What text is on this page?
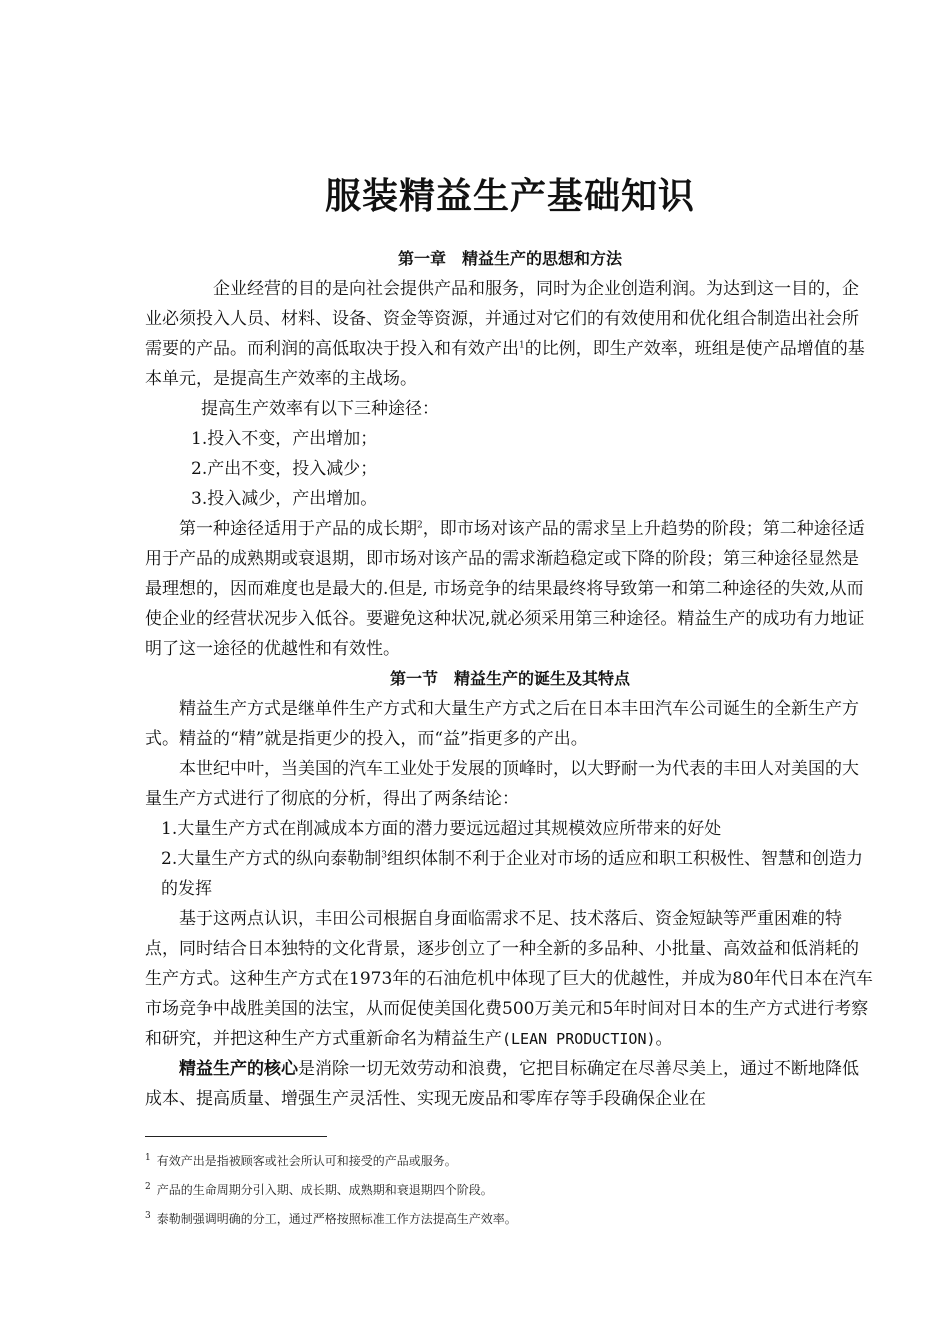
服装精益生产基础知识

第一章　精益生产的思想和方法

企业经营的目的是向社会提供产品和服务，同时为企业创造利润。为达到这一目的，企业必须投入人员、材料、设备、资金等资源，并通过对它们的有效使用和优化组合制造出社会所需要的产品。而利润的高低取决于投入和有效产出$^1$的比例，即生产效率，班组是使产品增值的基本单元，是提高生产效率的主战场。

提高生产效率有以下三种途径：

1.投入不变，产出增加；

2.产出不变，投入减少；

3.投入减少，产出增加。

第一种途径适用于产品的成长期$^2$，即市场对该产品的需求呈上升趋势的阶段；第二种途径适用于产品的成熟期或衰退期，即市场对该产品的需求渐趋稳定或下降的阶段；第三种途径显然是最理想的，因而难度也是最大的.但是, 市场竞争的结果最终将导致第一和第二种途径的失效,从而使企业的经营状况步入低谷。要避免这种状况,就必须采用第三种途径。精益生产的成功有力地证明了这一途径的优越性和有效性。

第一节　精益生产的诞生及其特点

精益生产方式是继单件生产方式和大量生产方式之后在日本丰田汽车公司诞生的全新生产方式。精益的“精”就是指更少的投入，而“益”指更多的产出。

本世纪中叶，当美国的汽车工业处于发展的顶峰时，以大野耐一为代表的丰田人对美国的大量生产方式进行了彻底的分析，得出了两条结论：

1.大量生产方式在削减成本方面的潜力要远远超过其规模效应所带来的好处

2.大量生产方式的纵向泰勒制$^3$组织体制不利于企业对市场的适应和职工积极性、智慧和创造力的发挥

基于这两点认识，丰田公司根据自身面临需求不足、技术落后、资金短缺等严重困难的特点，同时结合日本独特的文化背景，逐步创立了一种全新的多品种、小批量、高效益和低消耗的生产方式。这种生产方式在1973年的石油危机中体现了巨大的优越性，并成为80年代日本在汽车市场竞争中战胜美国的法宝，从而促使美国化费500万美元和5年时间对日本的生产方式进行考察和研究，并把这种生产方式重新命名为精益生产(LEAN PRODUCTION)。

精益生产的核心是消除一切无效劳动和浪费，它把目标确定在尽善尽美上，通过不断地降低成本、提高质量、增强生产灵活性、实现无废品和零库存等手段确保企业在

$^1$ 有效产出是指被顾客或社会所认可和接受的产品或服务。
$^2$ 产品的生命周期分引入期、成长期、成熟期和衰退期四个阶段。
$^3$ 泰勒制强调明确的分工，通过严格按照标准工作方法提高生产效率。
